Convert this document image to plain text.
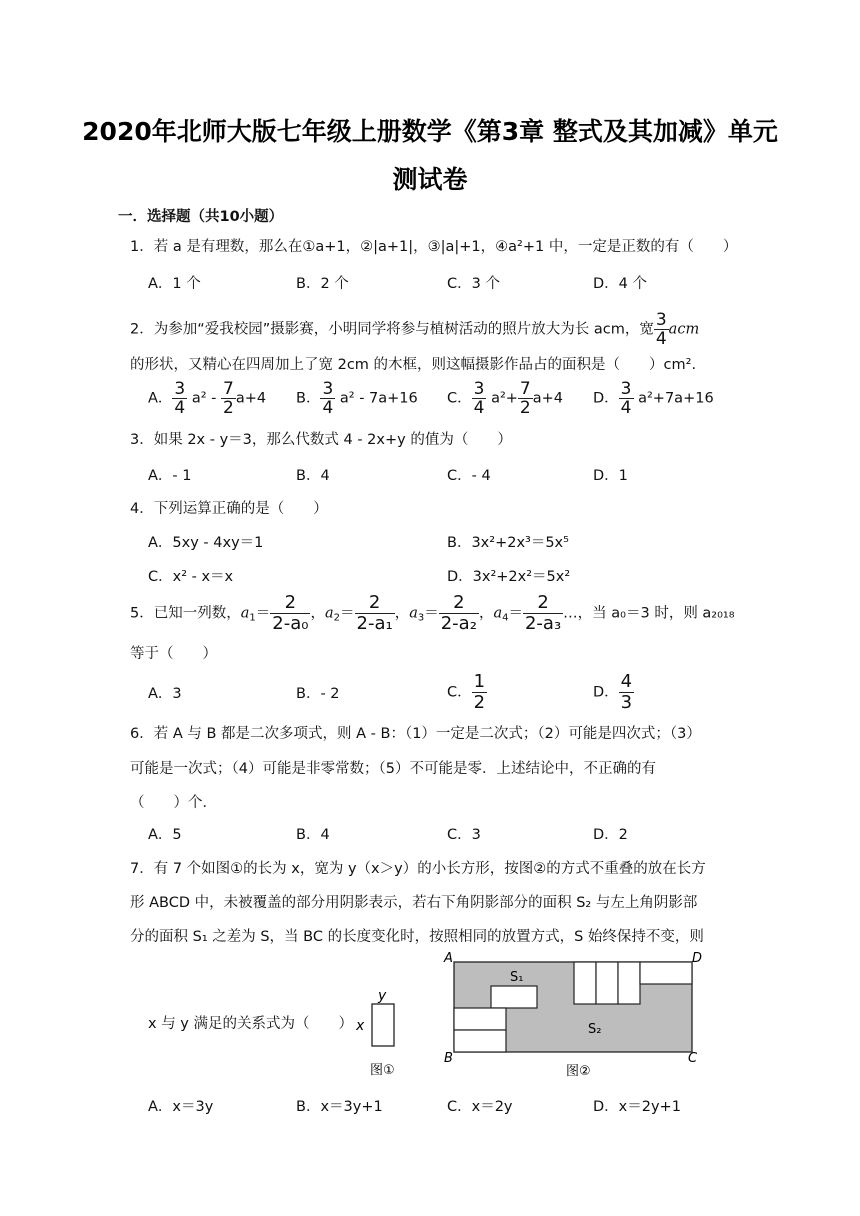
2020年北师大版七年级上册数学《第3章 整式及其加减》单元
测试卷
一．选择题（共10小题）
1．若 a 是有理数，那么在①a+1，②|a+1|，③|a|+1，④a²+1 中，一定是正数的有（　　）
A．1 个	B．2 个	C．3 个	D．4 个
2．为参加“爱我校园”摄影赛，小明同学将参与植树活动的照片放大为长 acm，宽 $\frac{3}{4}$ acm
的形状，又精心在四周加上了宽 2cm 的木框，则这幅摄影作品占的面积是（　　）cm².
A． $\frac{3}{4} a^2 - \frac{7}{2} a+4$ B． $\frac{3}{4} a^2 - 7a+16$ C． $\frac{3}{4} a^2+ \frac{7}{2} a+4$ D． $\frac{3}{4} a^2+7a+16$
3．如果 2x - y＝3，那么代数式 4 - 2x+y 的值为（　　）
A．- 1	B．4	C．- 4	D．1
4．下列运算正确的是（　　）
A．5xy - 4xy＝1	B．3x²+2x³＝5x⁵
C．x² - x＝x	D．3x²+2x²＝5x²
5．已知一列数，$a_1= \frac{2}{\text{2-a₀}}$ ，$a_2= \frac{2}{\text{2-a₁}}$ ，$a_3= \frac{2}{\text{2-a₂}}$ ，$a_4= \frac{2}{\text{2-a₃}}$ …，当 a₀＝3 时，则 a₂₀₁₈
等于（　　）
A．3	B．- 2	C． $\frac{1}{2}$	D． $\frac{4}{3}$
6．若 A 与 B 都是二次多项式，则 A - B：（1）一定是二次式；（2）可能是四次式；（3）
可能是一次式；（4）可能是非零常数；（5）不可能是零．上述结论中，不正确的有
（　　）个．
A．5	B．4	C．3	D．2
7．有 7 个如图①的长为 x，宽为 y（x＞y）的小长方形，按图②的方式不重叠的放在长方
形 ABCD 中，未被覆盖的部分用阴影表示，若右下角阴影部分的面积 S₂ 与左上角阴影部
分的面积 S₁ 之差为 S，当 BC 的长度变化时，按照相同的放置方式，S 始终保持不变，则
x 与 y 满足的关系式为（　　）
y
x
图①
A
B	C
D
S₁
S₂
图②
A．x＝3y	B．x＝3y+1	C．x＝2y	D．x＝2y+1
